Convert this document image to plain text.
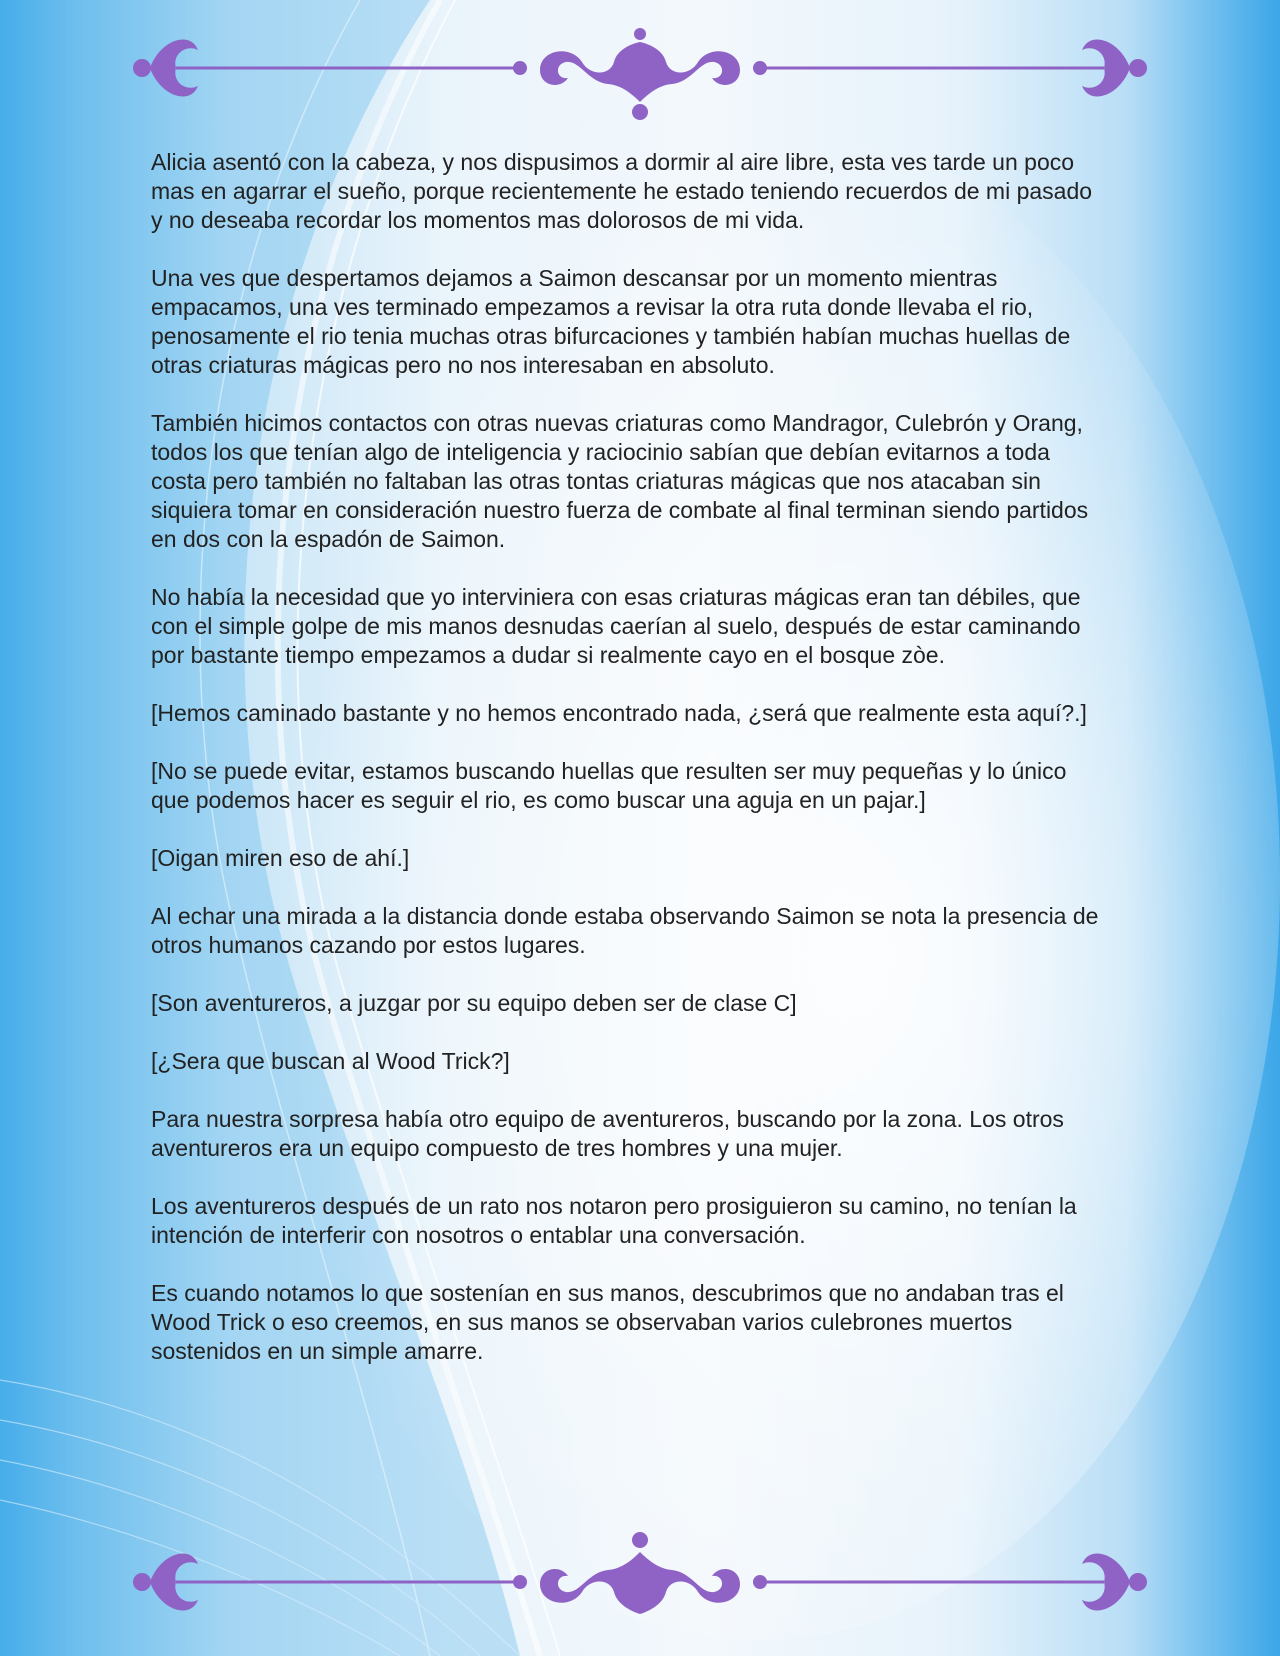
Alicia asentó con la cabeza, y nos dispusimos a dormir al aire libre, esta ves tarde un poco mas en agarrar el sueño, porque recientemente he estado teniendo recuerdos de mi pasado y no deseaba recordar los momentos mas dolorosos de mi vida.

Una ves que despertamos dejamos a Saimon descansar por un momento mientras empacamos, una ves terminado empezamos a revisar la otra ruta donde llevaba el rio, penosamente el rio tenia muchas otras bifurcaciones y también habían muchas huellas de otras criaturas mágicas pero no nos interesaban en absoluto.

También hicimos contactos con otras nuevas criaturas como Mandragor, Culebrón y Orang, todos los que tenían algo de inteligencia y raciocinio sabían que debían evitarnos a toda costa pero también no faltaban las otras tontas criaturas mágicas que nos atacaban sin siquiera tomar en consideración nuestro fuerza de combate al final terminan siendo partidos en dos con la espadón de Saimon.

No había la necesidad que yo interviniera con esas criaturas mágicas eran tan débiles, que con el simple golpe de mis manos desnudas caerían al suelo, después de estar caminando por bastante tiempo empezamos a dudar si realmente cayo en el bosque zòe.

[Hemos caminado bastante y no hemos encontrado nada, ¿será que realmente esta aquí?.]

[No se puede evitar, estamos buscando huellas que resulten ser muy pequeñas y lo único que podemos hacer es seguir el rio, es como buscar una aguja en un pajar.]

[Oigan miren eso de ahí.]

Al echar una mirada a la distancia donde estaba observando Saimon se nota la presencia de otros humanos cazando por estos lugares.

[Son aventureros, a juzgar por su equipo deben ser de clase C]

[¿Sera que buscan al Wood Trick?]

Para nuestra sorpresa había otro equipo de aventureros, buscando por la zona. Los otros aventureros era un equipo compuesto de tres hombres y una mujer.

Los aventureros después de un rato nos notaron pero prosiguieron su camino, no tenían la intención de interferir con nosotros o entablar una conversación.

Es cuando notamos lo que sostenían en sus manos, descubrimos que no andaban tras el Wood Trick o eso creemos, en sus manos se observaban varios culebrones muertos sostenidos en un simple amarre.
